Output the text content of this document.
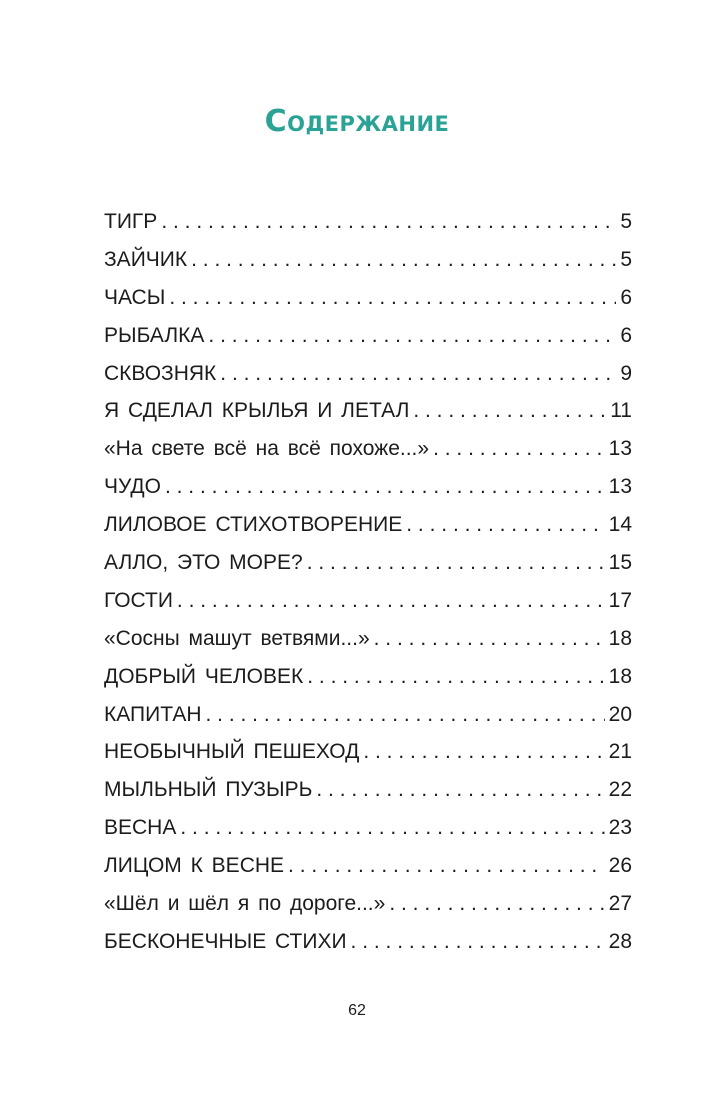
Содержание
ТИГР . . .	5
ЗАЙЧИК . . .	5
ЧАСЫ . . .	6
РЫБАЛКА . . .	6
СКВОЗНЯК . . .	9
Я СДЕЛАЛ КРЫЛЬЯ И ЛЕТАЛ . . .	11
«На свете всё на всё похоже...» . . .	13
ЧУДО . . .	13
ЛИЛОВОЕ СТИХОТВОРЕНИЕ . . .	14
АЛЛО, ЭТО МОРЕ? . . .	15
ГОСТИ . . .	17
«Сосны машут ветвями...» . . .	18
ДОБРЫЙ ЧЕЛОВЕК . . .	18
КАПИТАН . . .	20
НЕОБЫЧНЫЙ ПЕШЕХОД . . .	21
МЫЛЬНЫЙ ПУЗЫРЬ . . .	22
ВЕСНА . . .	23
ЛИЦОМ К ВЕСНЕ . . .	26
«Шёл и шёл я по дороге...» . . .	27
БЕСКОНЕЧНЫЕ СТИХИ . . .	28
62
